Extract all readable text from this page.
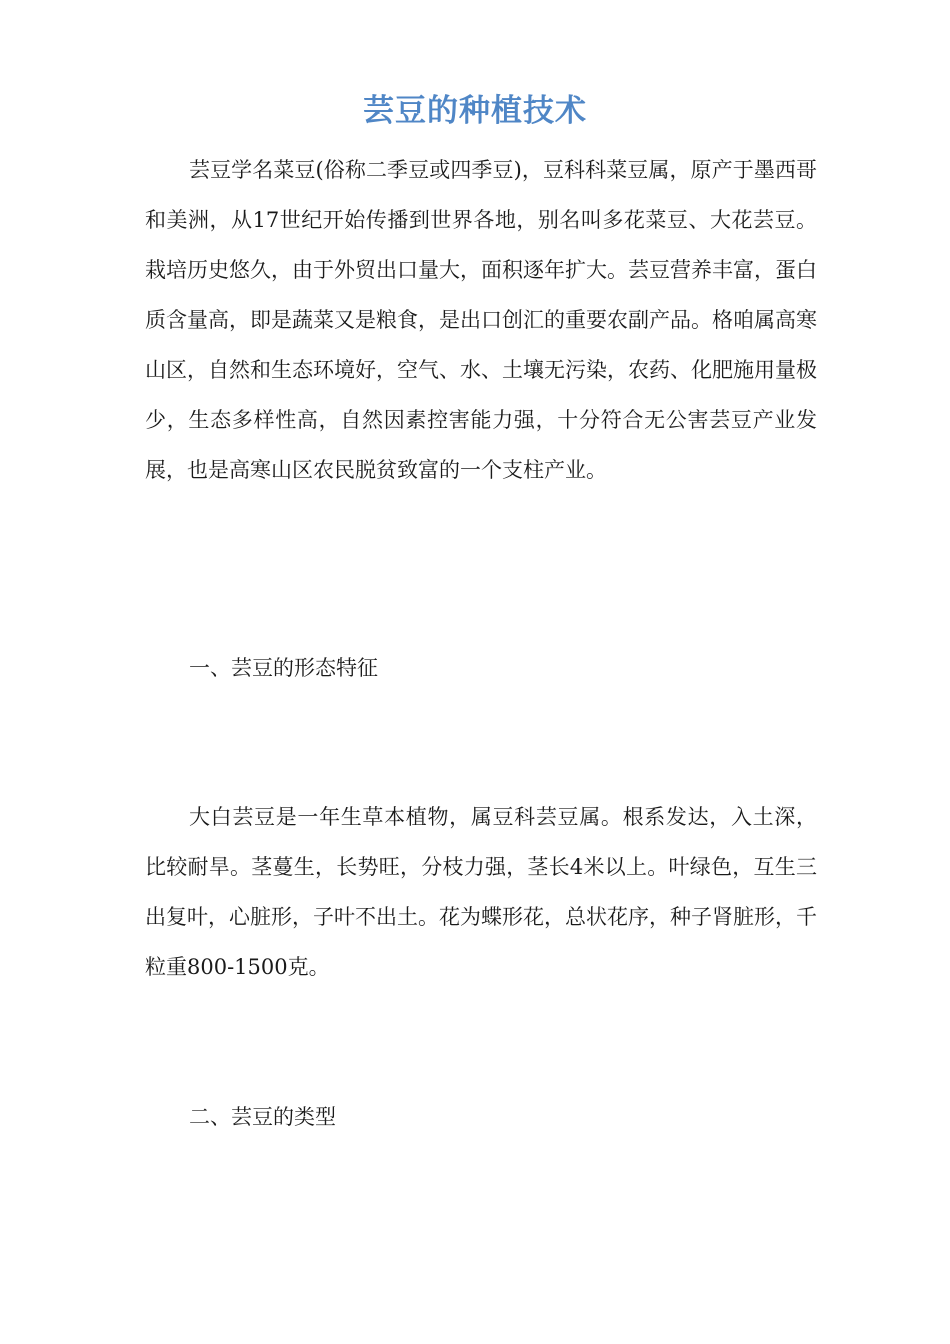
芸豆的种植技术

芸豆学名菜豆(俗称二季豆或四季豆)，豆科科菜豆属，原产于墨西哥和美洲，从17世纪开始传播到世界各地，别名叫多花菜豆、大花芸豆。栽培历史悠久，由于外贸出口量大，面积逐年扩大。芸豆营养丰富，蛋白质含量高，即是蔬菜又是粮食，是出口创汇的重要农副产品。格咱属高寒山区，自然和生态环境好，空气、水、土壤无污染，农药、化肥施用量极少，生态多样性高，自然因素控害能力强，十分符合无公害芸豆产业发展，也是高寒山区农民脱贫致富的一个支柱产业。

一、芸豆的形态特征

大白芸豆是一年生草本植物，属豆科芸豆属。根系发达，入土深，比较耐旱。茎蔓生，长势旺，分枝力强，茎长4米以上。叶绿色，互生三出复叶，心脏形，子叶不出土。花为蝶形花，总状花序，种子肾脏形，千粒重800-1500克。

二、芸豆的类型
